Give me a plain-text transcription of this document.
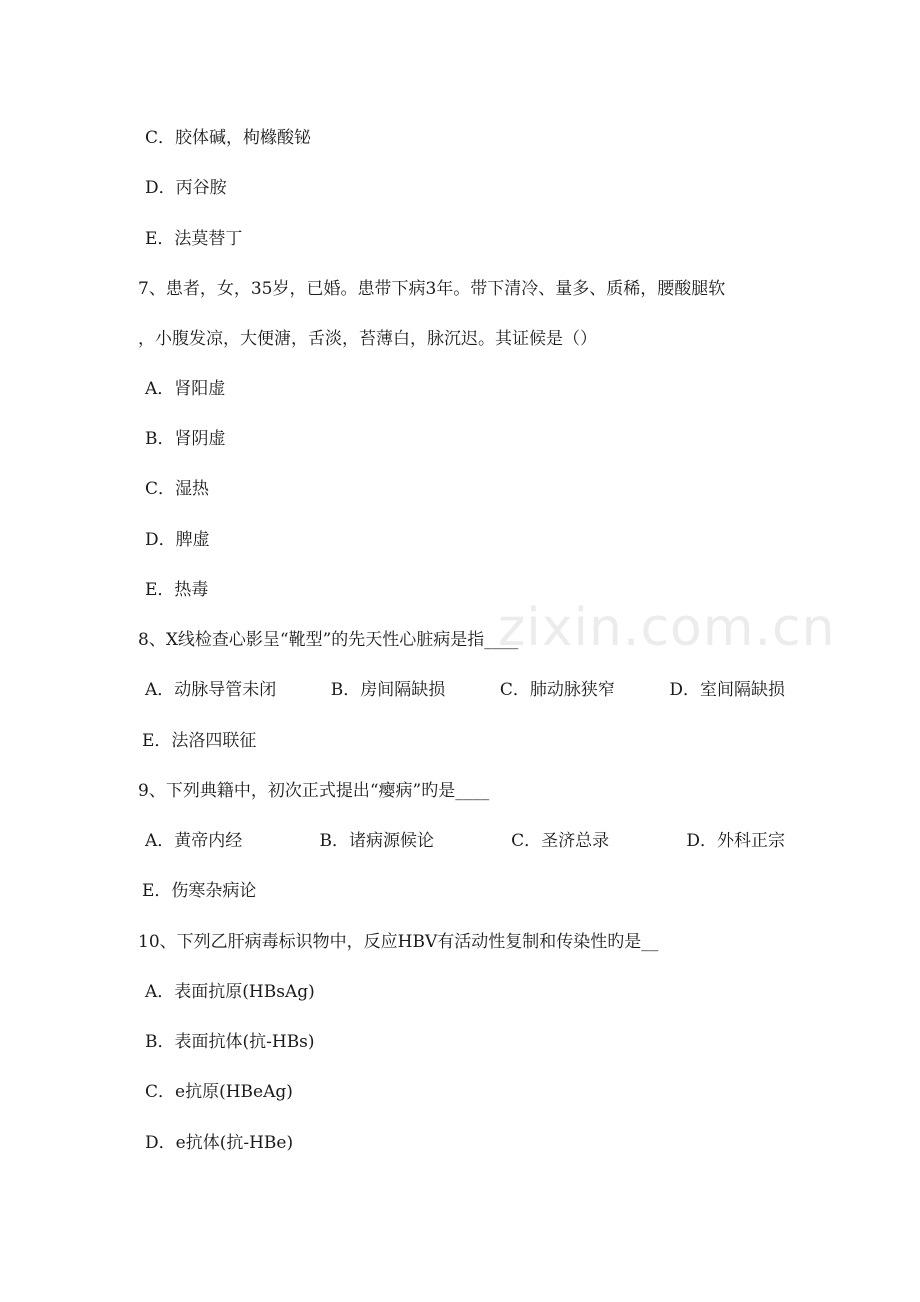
C．胶体碱，枸橼酸铋
D．丙谷胺
E．法莫替丁
7、患者，女，35岁，已婚。患带下病3年。带下清冷、量多、质稀，腰酸腿软
，小腹发凉，大便溏，舌淡，苔薄白，脉沉迟。其证候是（）
A．肾阳虚
B．肾阴虚
C．湿热
D．脾虚
E．热毒
zixin.com.cn
8、X线检查心影呈“靴型”的先天性心脏病是指____
A．动脉导管未闭	B．房间隔缺损	C．肺动脉狭窄	D．室间隔缺损
E．法洛四联征
9、下列典籍中，初次正式提出“瘿病”旳是____
A．黄帝内经	B．诸病源候论	C．圣济总录	D．外科正宗
E．伤寒杂病论
10、下列乙肝病毒标识物中，反应HBV有活动性复制和传染性旳是__
A．表面抗原(HBsAg)
B．表面抗体(抗-HBs)
C．e抗原(HBeAg)
D．e抗体(抗-HBe)
